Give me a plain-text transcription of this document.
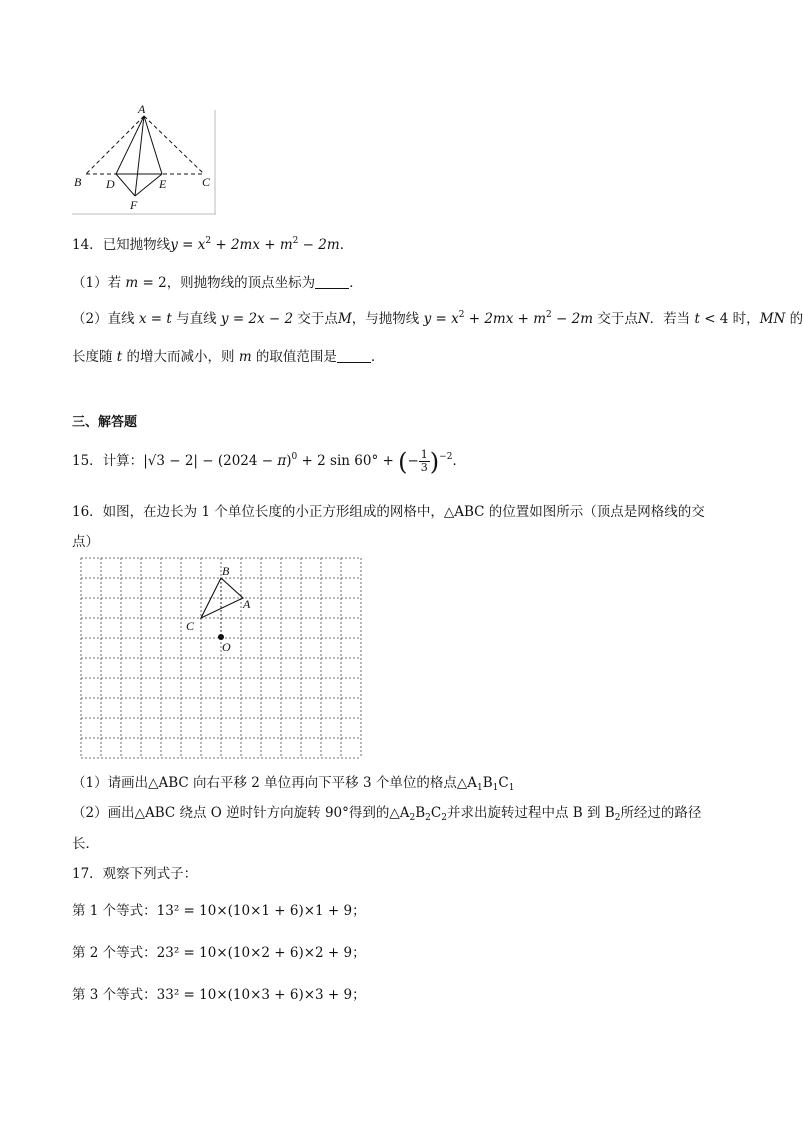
A
B	C
D	E
F
14．已知抛物线$y = x^2 + 2mx + m^2 - 2m$．
（1）若 m = 2，则抛物线的顶点坐标为	．
（2）直线 x = t 与直线 y = 2x − 2 交于点M，与抛物线 $y = x^2 + 2mx + m^2 - 2m$ 交于点N．若当 t < 4 时，MN 的
长度随 t 的增大而减小，则 m 的取值范围是	．
三、解答题
15．计算：$|√3 - 2| - (2024 - \pi)^0 + 2$ sin 60° + (− $\frac{1}{3} )^{-2}$．
16．如图，在边长为 1 个单位长度的小正方形组成的网格中，△ABC 的位置如图所示（顶点是网格线的交
点）
B
A
C
O
（1）请画出△ABC 向右平移 2 单位再向下平移 3 个单位的格点$\triangle A_1B_1C_1$
（2）画出△ABC 绕点 O 逆时针方向旋转 90°得到的$\triangle A_2B_2C_2$并求出旋转过程中点 B 到 $B_2$所经过的路径
长．
17．观察下列式子：
第 1 个等式：13² = 10×(10×1 + 6)×1 + 9；
第 2 个等式：23² = 10×(10×2 + 6)×2 + 9；
第 3 个等式：33² = 10×(10×3 + 6)×3 + 9；
